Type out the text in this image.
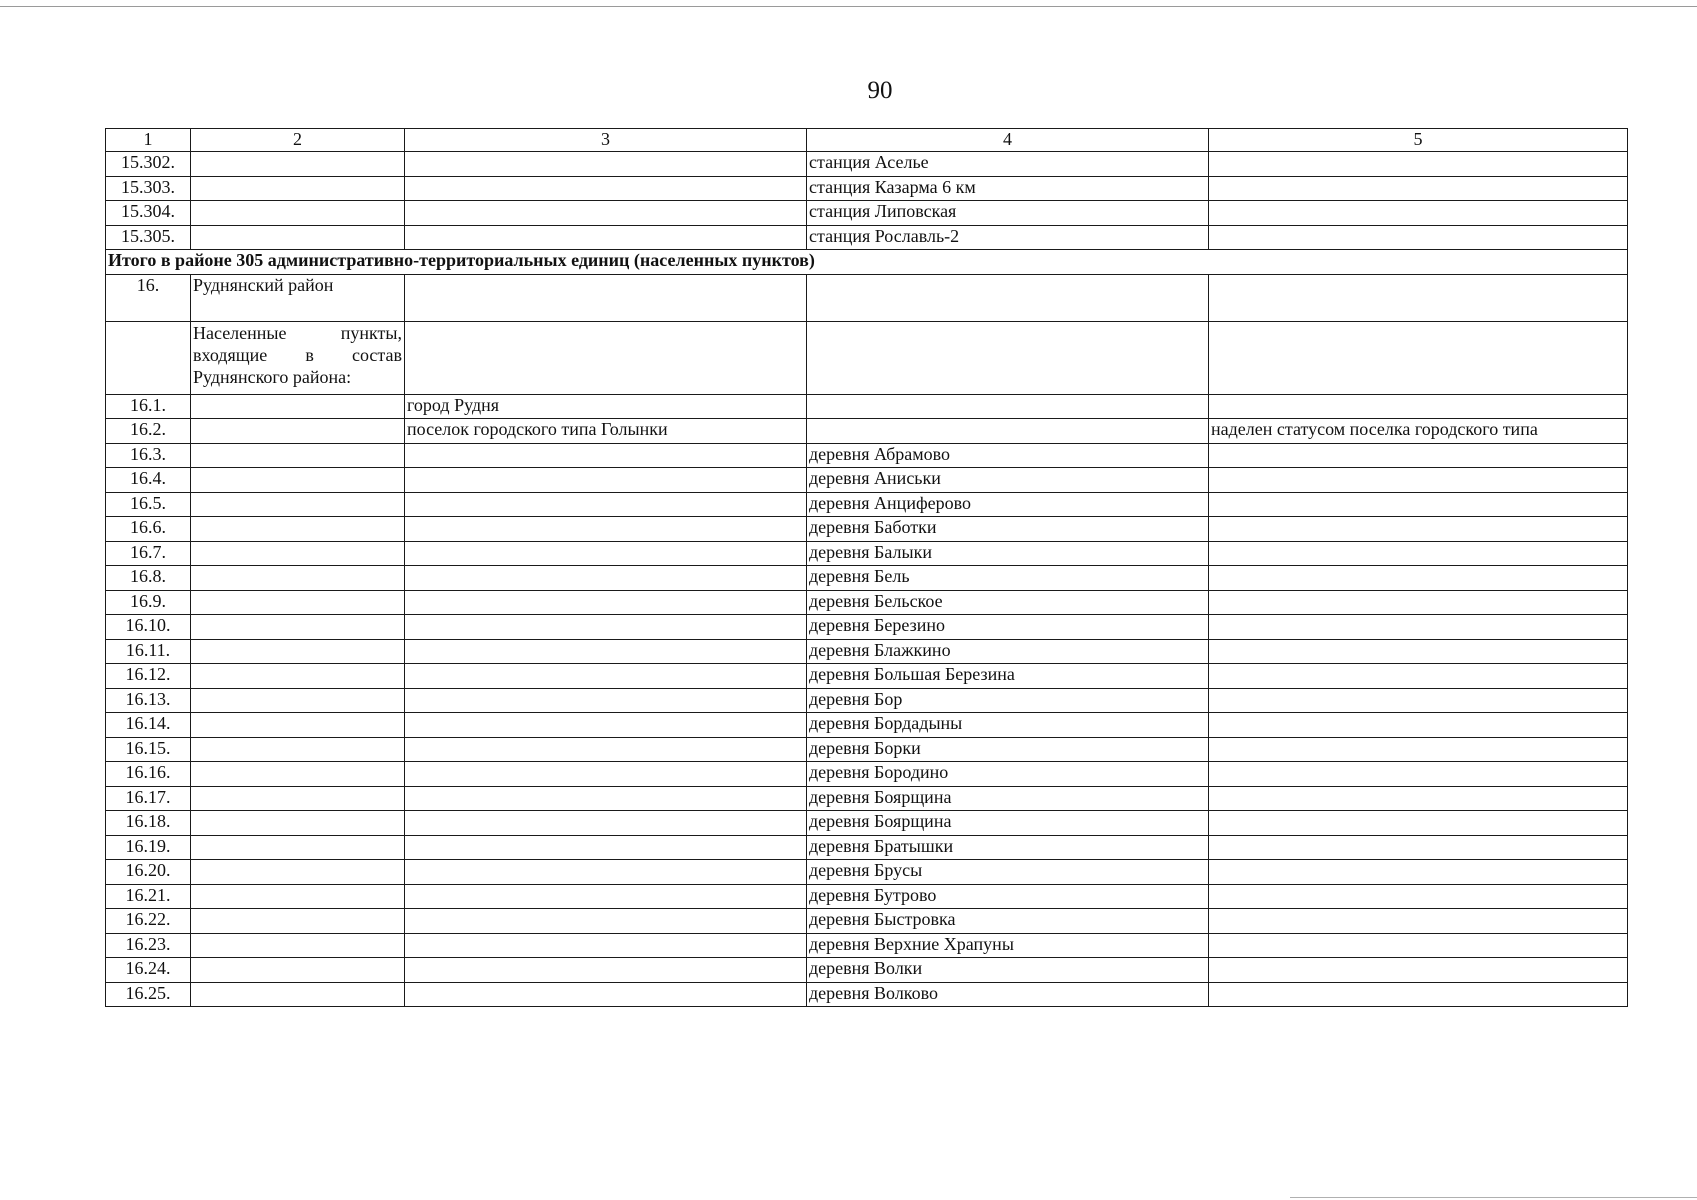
90
1	2	3	4	5
15.302.			станция Аселье	
15.303.			станция Казарма 6 км	
15.304.			станция Липовская	
15.305.			станция Рославль-2	
Итого в районе 305 административно-территориальных единиц (населенных пунктов)				
16.	Руднянский район			
	Населенные пункты, входящие в состав Руднянского района:			
16.1.		город Рудня		
16.2.		поселок городского типа Голынки		наделен статусом поселка городского типа
16.3.			деревня Абрамово	
16.4.			деревня Аниськи	
16.5.			деревня Анциферово	
16.6.			деревня Баботки	
16.7.			деревня Балыки	
16.8.			деревня Бель	
16.9.			деревня Бельское	
16.10.			деревня Березино	
16.11.			деревня Блажкино	
16.12.			деревня Большая Березина	
16.13.			деревня Бор	
16.14.			деревня Бордадыны	
16.15.			деревня Борки	
16.16.			деревня Бородино	
16.17.			деревня Боярщина	
16.18.			деревня Боярщина	
16.19.			деревня Братышки	
16.20.			деревня Брусы	
16.21.			деревня Бутрово	
16.22.			деревня Быстровка	
16.23.			деревня Верхние Храпуны	
16.24.			деревня Волки	
16.25.			деревня Волково	
